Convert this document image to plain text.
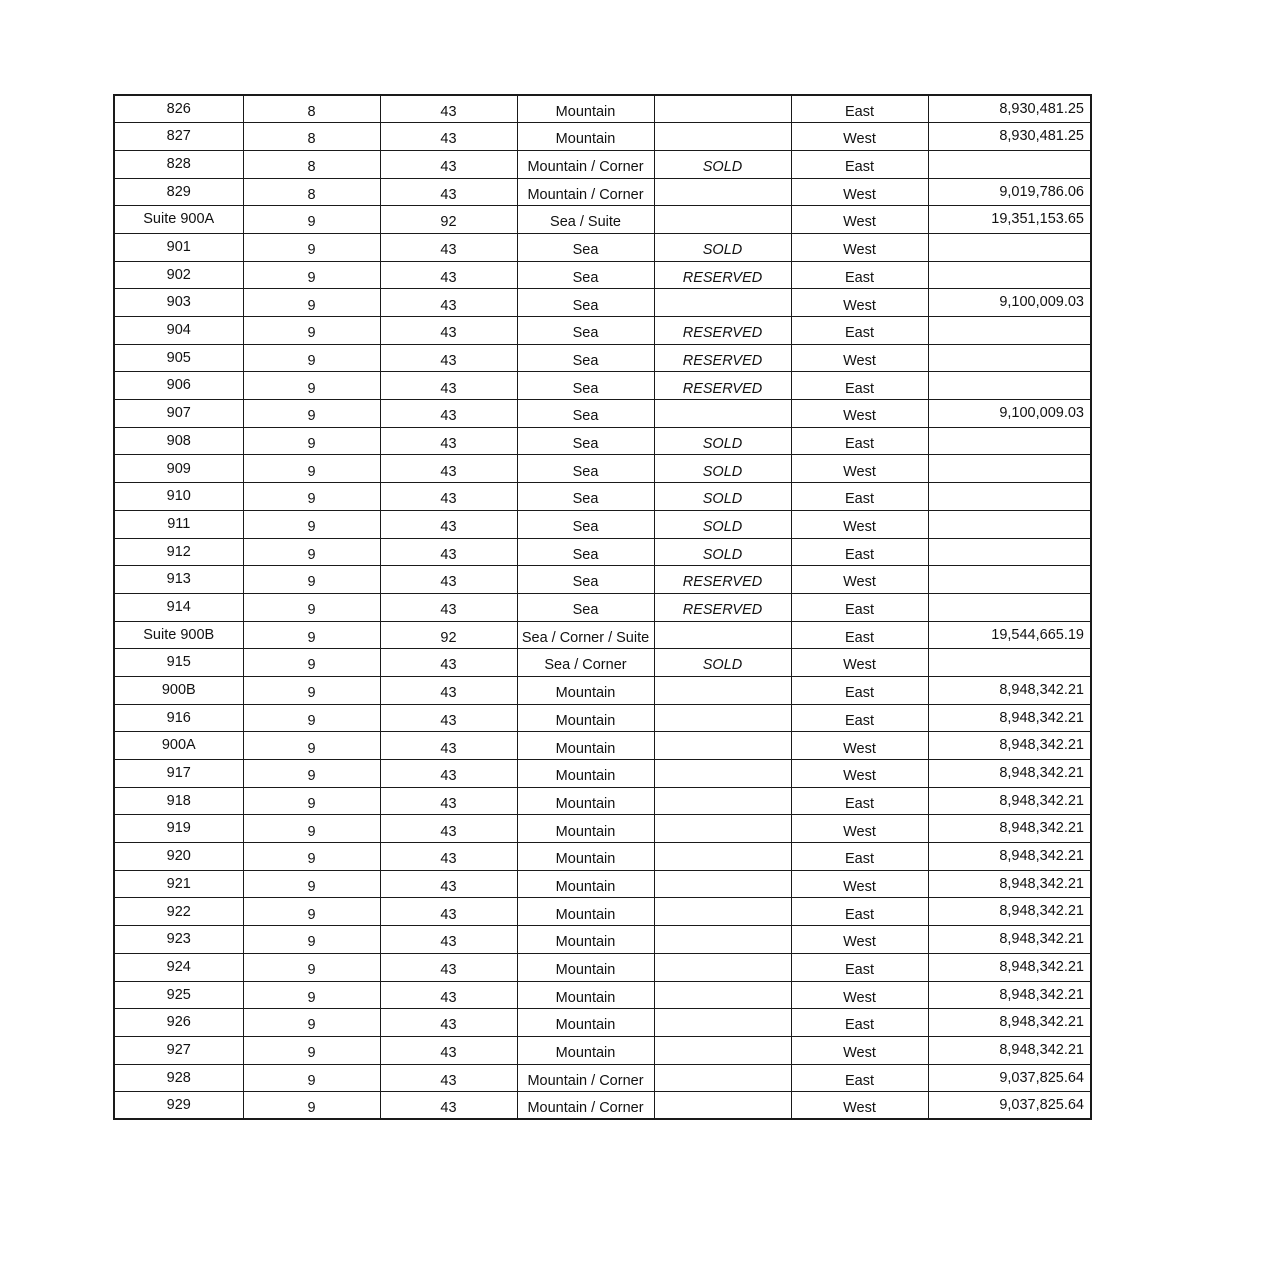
826	8	43	Mountain		East	8,930,481.25
827	8	43	Mountain		West	8,930,481.25
828	8	43	Mountain / Corner	SOLD	East	
829	8	43	Mountain / Corner		West	9,019,786.06
Suite 900A	9	92	Sea / Suite		West	19,351,153.65
901	9	43	Sea	SOLD	West	
902	9	43	Sea	RESERVED	East	
903	9	43	Sea		West	9,100,009.03
904	9	43	Sea	RESERVED	East	
905	9	43	Sea	RESERVED	West	
906	9	43	Sea	RESERVED	East	
907	9	43	Sea		West	9,100,009.03
908	9	43	Sea	SOLD	East	
909	9	43	Sea	SOLD	West	
910	9	43	Sea	SOLD	East	
911	9	43	Sea	SOLD	West	
912	9	43	Sea	SOLD	East	
913	9	43	Sea	RESERVED	West	
914	9	43	Sea	RESERVED	East	
Suite 900B	9	92	Sea / Corner / Suite		East	19,544,665.19
915	9	43	Sea / Corner	SOLD	West	
900B	9	43	Mountain		East	8,948,342.21
916	9	43	Mountain		East	8,948,342.21
900A	9	43	Mountain		West	8,948,342.21
917	9	43	Mountain		West	8,948,342.21
918	9	43	Mountain		East	8,948,342.21
919	9	43	Mountain		West	8,948,342.21
920	9	43	Mountain		East	8,948,342.21
921	9	43	Mountain		West	8,948,342.21
922	9	43	Mountain		East	8,948,342.21
923	9	43	Mountain		West	8,948,342.21
924	9	43	Mountain		East	8,948,342.21
925	9	43	Mountain		West	8,948,342.21
926	9	43	Mountain		East	8,948,342.21
927	9	43	Mountain		West	8,948,342.21
928	9	43	Mountain / Corner		East	9,037,825.64
929	9	43	Mountain / Corner		West	9,037,825.64
